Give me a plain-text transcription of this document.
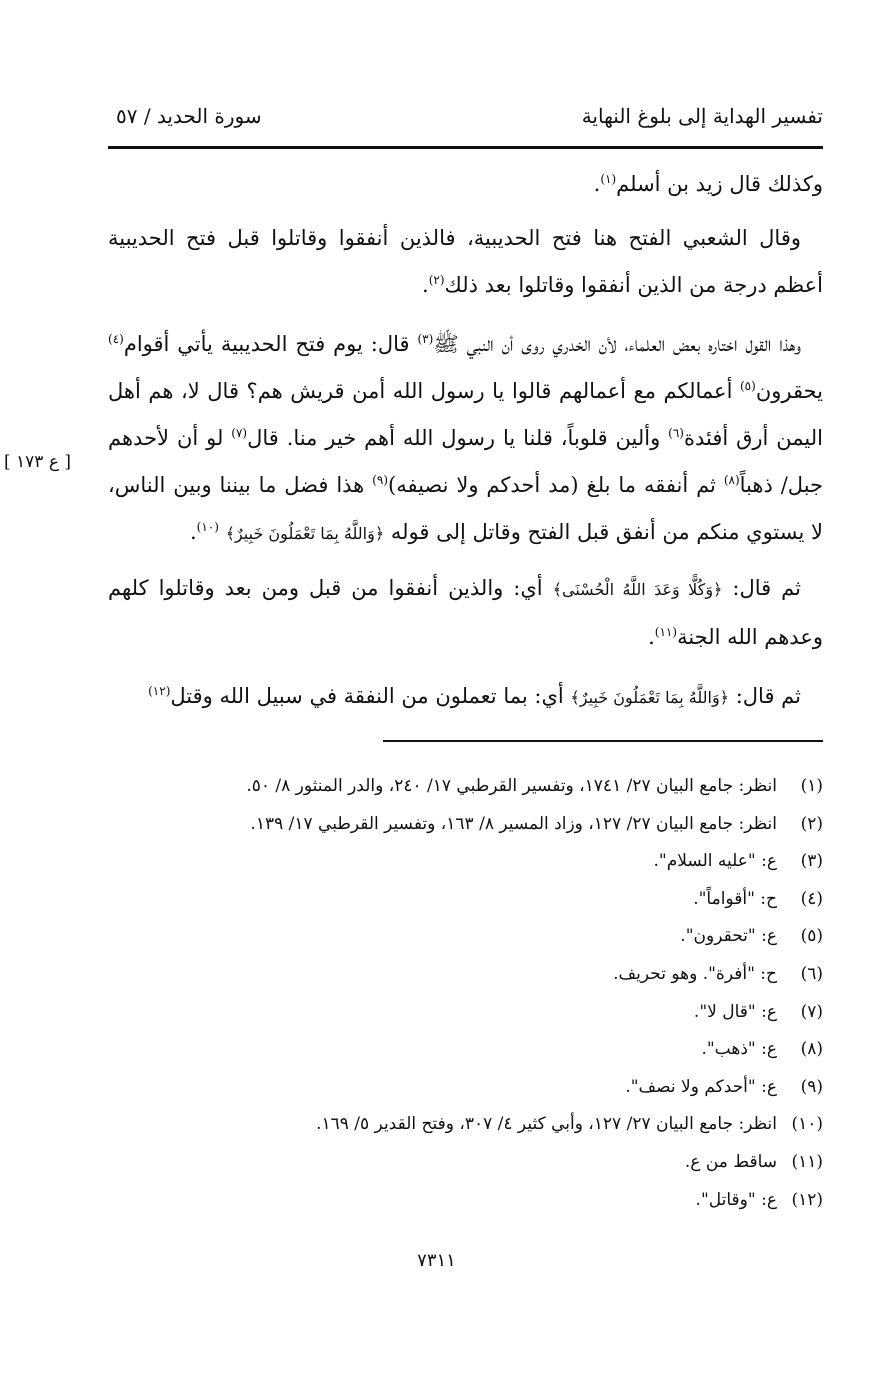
تفسير الهداية إلى بلوغ النهاية
سورة الحديد / ٥٧
[ ع ١٧٣ ]

وكذلك قال زيد بن أسلم$^{(١)}$.

وقال الشعبي الفتح هنا فتح الحديبية، فالذين أنفقوا وقاتلوا قبل فتح الحديبية أعظم درجة من الذين أنفقوا وقاتلوا بعد ذلك$^{(٢)}$.

وهذا القول اختاره بعض العلماء، لأن الخدري روى أن النبي ﷺ$^{(٣)}$ قال: يوم فتح الحديبية يأتي أقوام$^{(٤)}$ يحقرون$^{(٥)}$ أعمالكم مع أعمالهم قالوا يا رسول الله أمن قريش هم؟ قال لا، هم أهل اليمن أرق أفئدة$^{(٦)}$ وألين قلوباً، قلنا يا رسول الله أهم خير منا. قال$^{(٧)}$ لو أن لأحدهم جبل/ ذهباً$^{(٨)}$ ثم أنفقه ما بلغ (مد أحدكم ولا نصيفه)$^{(٩)}$ هذا فضل ما بيننا وبين الناس، لا يستوي منكم من أنفق قبل الفتح وقاتل إلى قوله ﴿وَاللَّهُ بِمَا تَعْمَلُونَ خَبِيرٌ﴾ $^{(١٠)}$.

ثم قال: ﴿وَكُلًّا وَعَدَ اللَّهُ الْحُسْنَى﴾ أي: والذين أنفقوا من قبل ومن بعد وقاتلوا كلهم وعدهم الله الجنة$^{(١١)}$.

ثم قال: ﴿وَاللَّهُ بِمَا تَعْمَلُونَ خَبِيرٌ﴾ أي: بما تعملون من النفقة في سبيل الله وقتل$^{(١٢)}$

(١)انظر: جامع البيان ٢٧/ ١٧٤١، وتفسير القرطبي ١٧/ ٢٤٠، والدر المنثور ٨/ ٥٠.
(٢)انظر: جامع البيان ٢٧/ ١٢٧، وزاد المسير ٨/ ١٦٣، وتفسير القرطبي ١٧/ ١٣٩.
(٣)ع: "عليه السلام".
(٤)ح: "أقواماً".
(٥)ع: "تحقرون".
(٦)ح: "أفرة". وهو تحريف.
(٧)ع: "قال لا".
(٨)ع: "ذهب".
(٩)ع: "أحدكم ولا نصف".
(١٠)انظر: جامع البيان ٢٧/ ١٢٧، وأبي كثير ٤/ ٣٠٧، وفتح القدير ٥/ ١٦٩.
(١١)ساقط من ع.
(١٢)ع: "وقاتل".
٧٣١١
